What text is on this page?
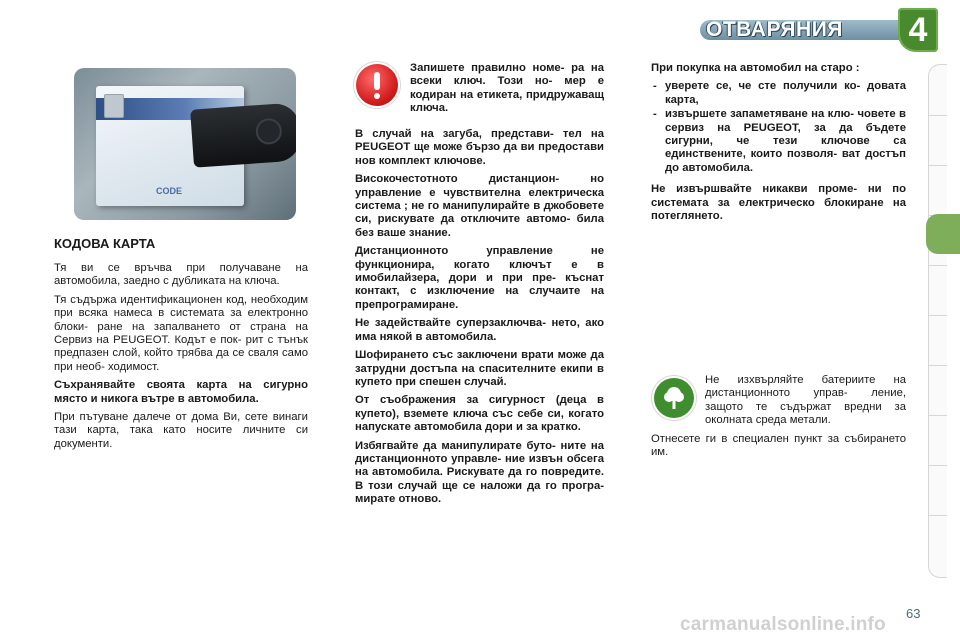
ОТВАРЯНИЯ	4
CODE
КОДОВА КАРТА

Тя ви се връчва при получаване на автомобила, заедно с дубликата на ключа.

Тя съдържа идентификационен код, необходим при всяка намеса в системата за електронно блоки- ране на запалването от страна на Сервиз на PEUGEOT. Кодът е пок- рит с тънък предпазен слой, който трябва да се сваля само при необ- ходимост.

Съхранявайте своята карта на сигурно място и никога вътре в автомобила.

При пътуване далече от дома Ви, сете винаги тази карта, така като носите личните си документи.

Запишете правилно номе- ра на всеки ключ. Този но- мер е кодиран на етикета, придружаващ ключа.

В случай на загуба, представи- тел на PEUGEOT ще може бързо да ви предостави нов комплект ключове.

Високочестотното дистанцион- но управление е чувствителна електрическа система ; не го манипулирайте в джобовете си, рискувате да отключите автомо- била без ваше знание.

Дистанционното управление не функционира, когато ключът е в имобилайзера, дори и при пре- къснат контакт, с изключение на случаите на препрограмиране.

Не задействайте суперзаключва- нето, ако има някой в автомобила.

Шофирането със заключени врати може да затрудни достъпа на спасителните екипи в купето при спешен случай.

От съображения за сигурност (деца в купето), вземете ключа със себе си, когато напускате автомобила дори и за кратко.

Избягвайте да манипулирате буто- ните на дистанционното управле- ние извън обсега на автомобила. Рискувате да го повредите. В този случай ще се наложи да го програ- мирате отново.

При покупка на автомобил на старо :

- уверете се, че сте получили ко- довата карта,
- извършете запаметяване на клю- човете в сервиз на PEUGEOT, за да бъдете сигурни, че тези ключове са единствените, които позволя- ват достъп до автомобила.

Не извършвайте никакви проме- ни по системата за електрическо блокиране на потеглянето.

Не изхвърляйте батериите на дистанционното управ- ление, защото те съдържат вредни за околната среда метали.

Отнесете ги в специален пункт за събирането им.

63
carmanualsonline.info
